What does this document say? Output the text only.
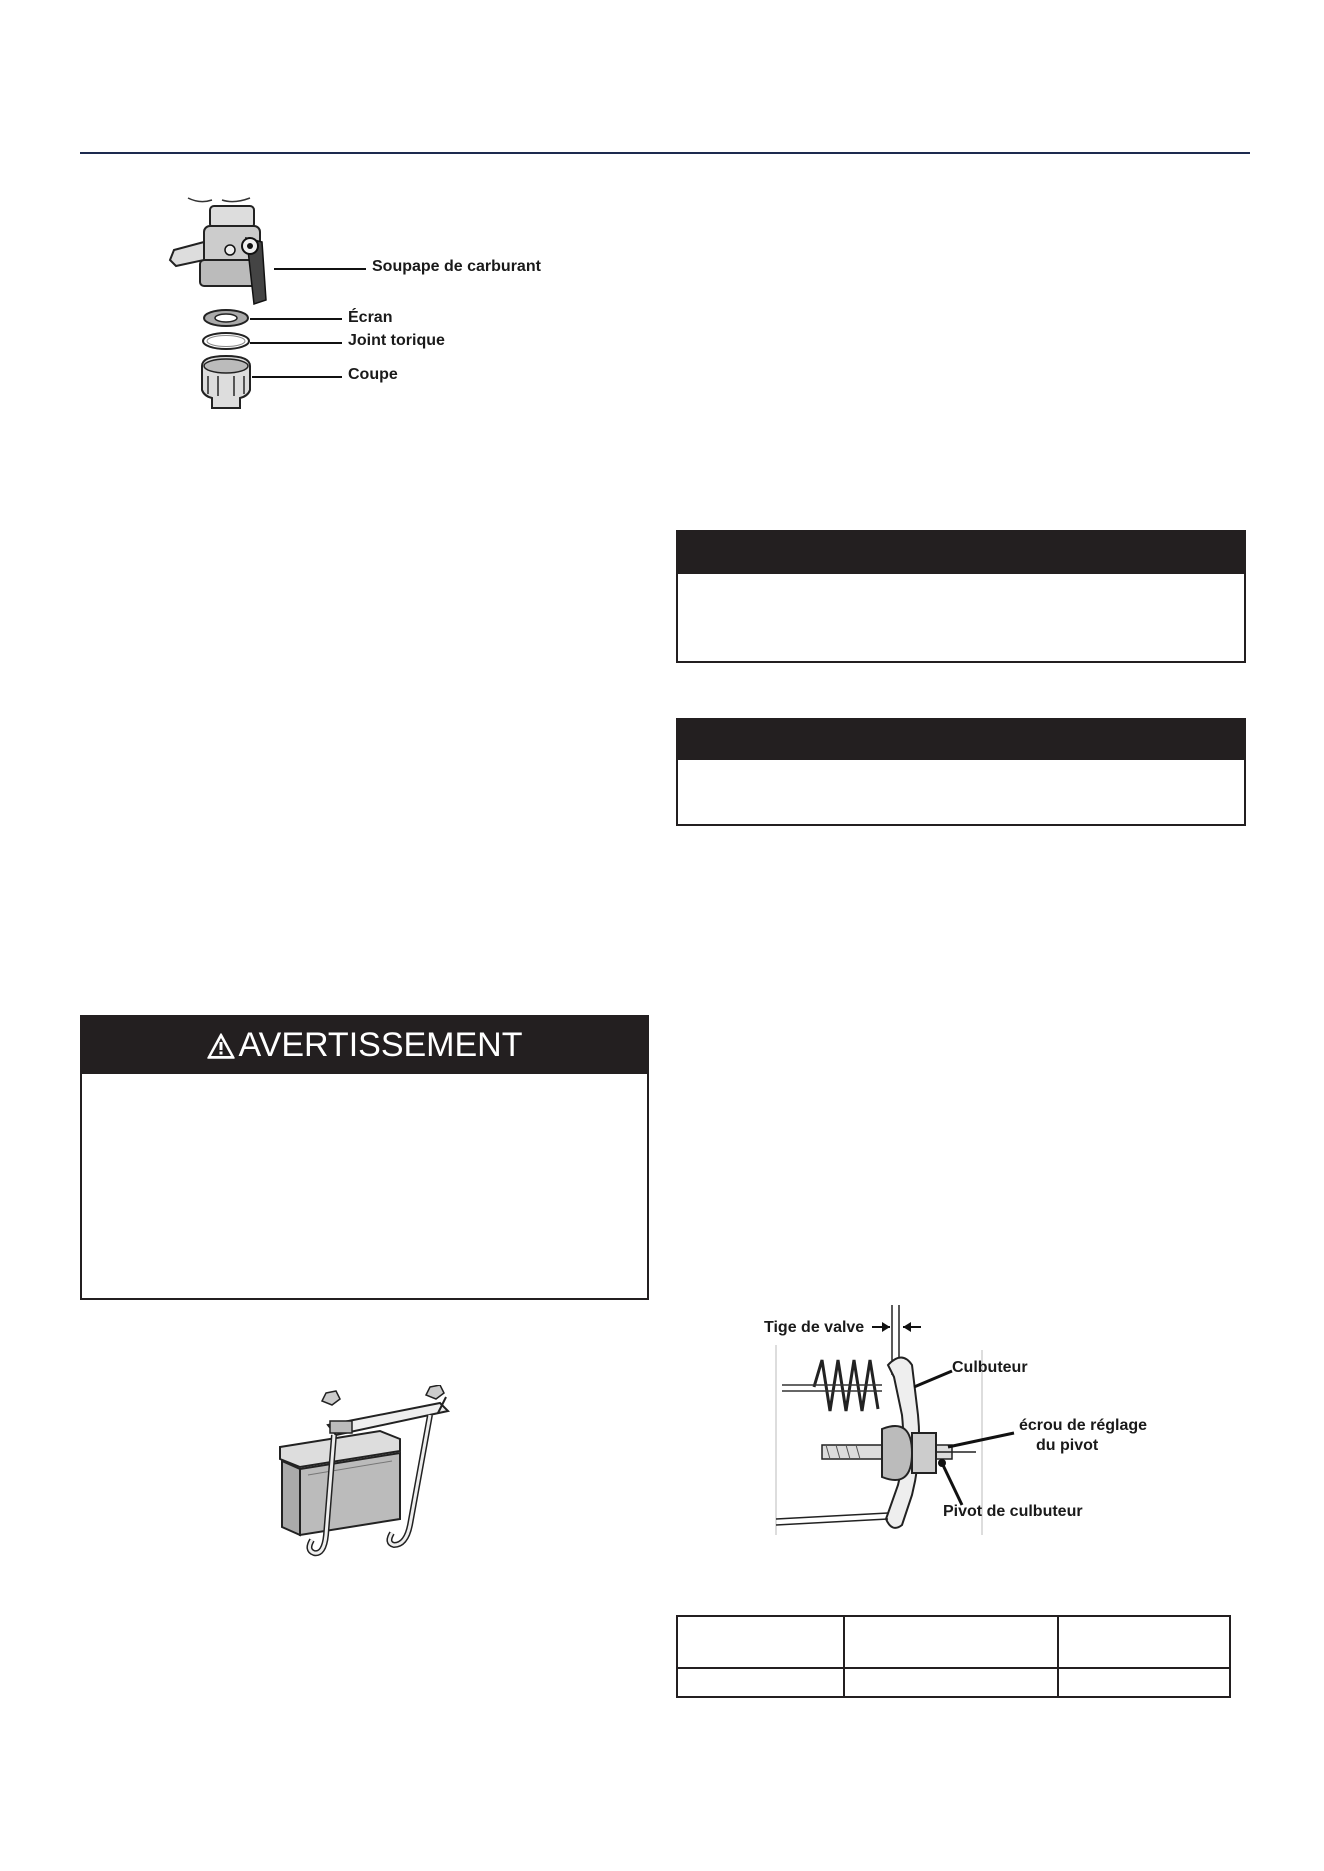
Soupape de carburant
Écran
Joint torique
Coupe
AVERTISSEMENT
Tige de valve
Culbuteur
écrou de réglage
du pivot
Pivot de culbuteur
